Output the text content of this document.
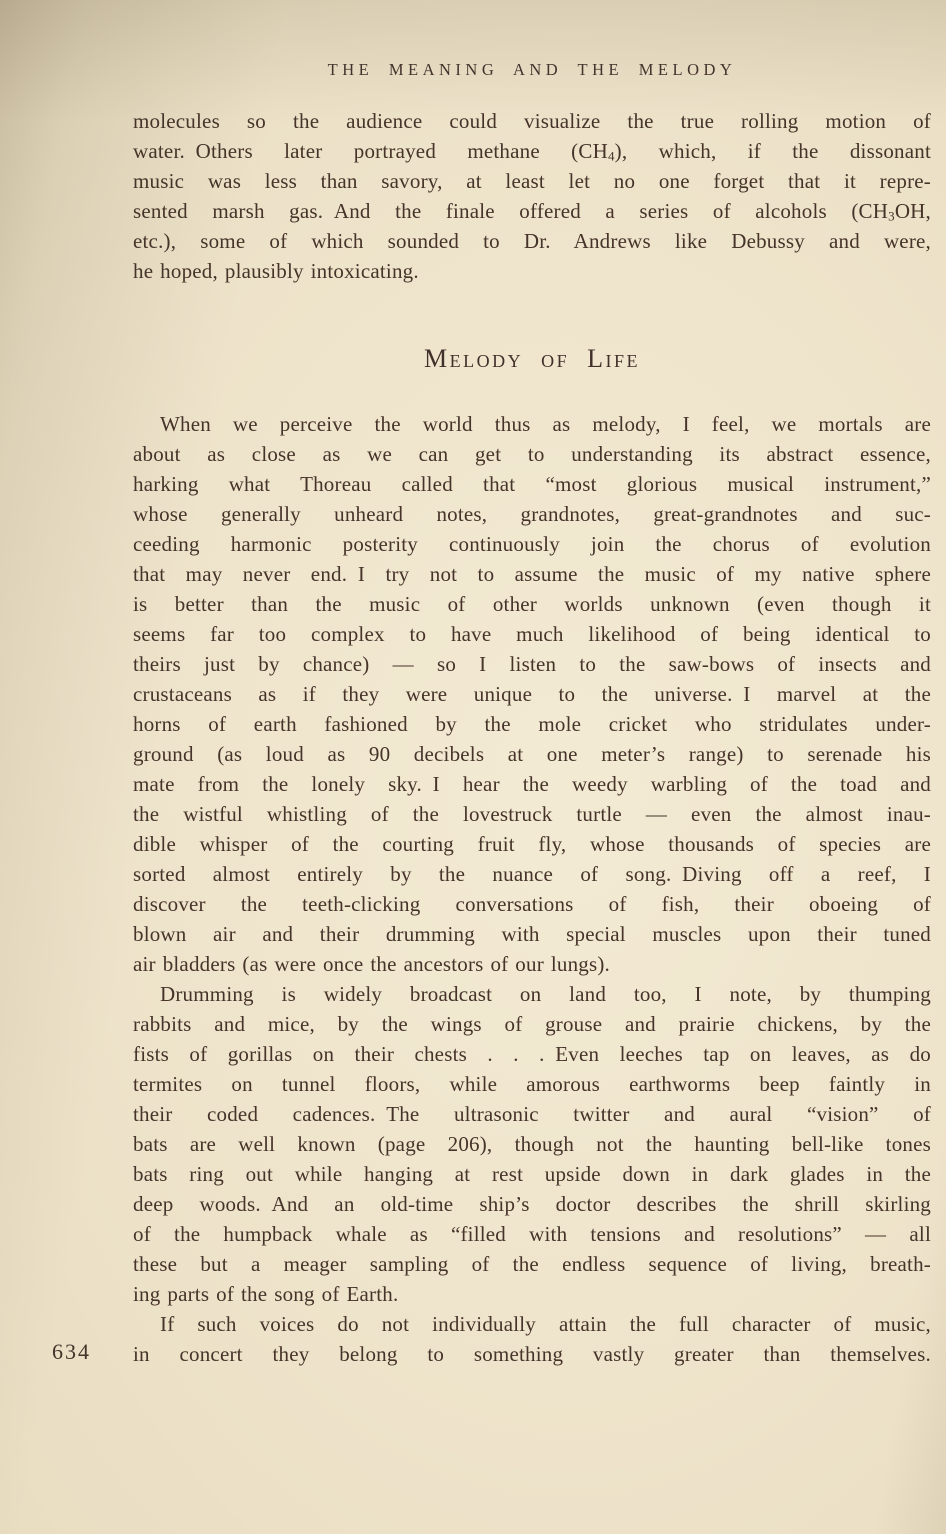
THE MEANING AND THE MELODY
molecules so the audience could visualize the true rolling motion of
water. Others later portrayed methane $(CH_4)$, which, if the dissonant
music was less than savory, at least let no one forget that it repre-
sented marsh gas. And the finale offered a series of alcohols ($CH_3OH$,
etc.), some of which sounded to Dr. Andrews like Debussy and were,
he hoped, plausibly intoxicating.
Melody of Life
When we perceive the world thus as melody, I feel, we mortals are
about as close as we can get to understanding its abstract essence,
harking what Thoreau called that “most glorious musical instrument,”
whose generally unheard notes, grandnotes, great-grandnotes and suc-
ceeding harmonic posterity continuously join the chorus of evolution
that may never end. I try not to assume the music of my native sphere
is better than the music of other worlds unknown (even though it
seems far too complex to have much likelihood of being identical to
theirs just by chance) — so I listen to the saw-bows of insects and
crustaceans as if they were unique to the universe. I marvel at the
horns of earth fashioned by the mole cricket who stridulates under-
ground (as loud as 90 decibels at one meter’s range) to serenade his
mate from the lonely sky. I hear the weedy warbling of the toad and
the wistful whistling of the lovestruck turtle — even the almost inau-
dible whisper of the courting fruit fly, whose thousands of species are
sorted almost entirely by the nuance of song. Diving off a reef, I
discover the teeth-clicking conversations of fish, their oboeing of
blown air and their drumming with special muscles upon their tuned
air bladders (as were once the ancestors of our lungs).
Drumming is widely broadcast on land too, I note, by thumping
rabbits and mice, by the wings of grouse and prairie chickens, by the
fists of gorillas on their chests . . . Even leeches tap on leaves, as do
termites on tunnel floors, while amorous earthworms beep faintly in
their coded cadences. The ultrasonic twitter and aural “vision” of
bats are well known (page 206), though not the haunting bell-like tones
bats ring out while hanging at rest upside down in dark glades in the
deep woods. And an old-time ship’s doctor describes the shrill skirling
of the humpback whale as “filled with tensions and resolutions” — all
these but a meager sampling of the endless sequence of living, breath-
ing parts of the song of Earth.
If such voices do not individually attain the full character of music,
in concert they belong to something vastly greater than themselves.
634
